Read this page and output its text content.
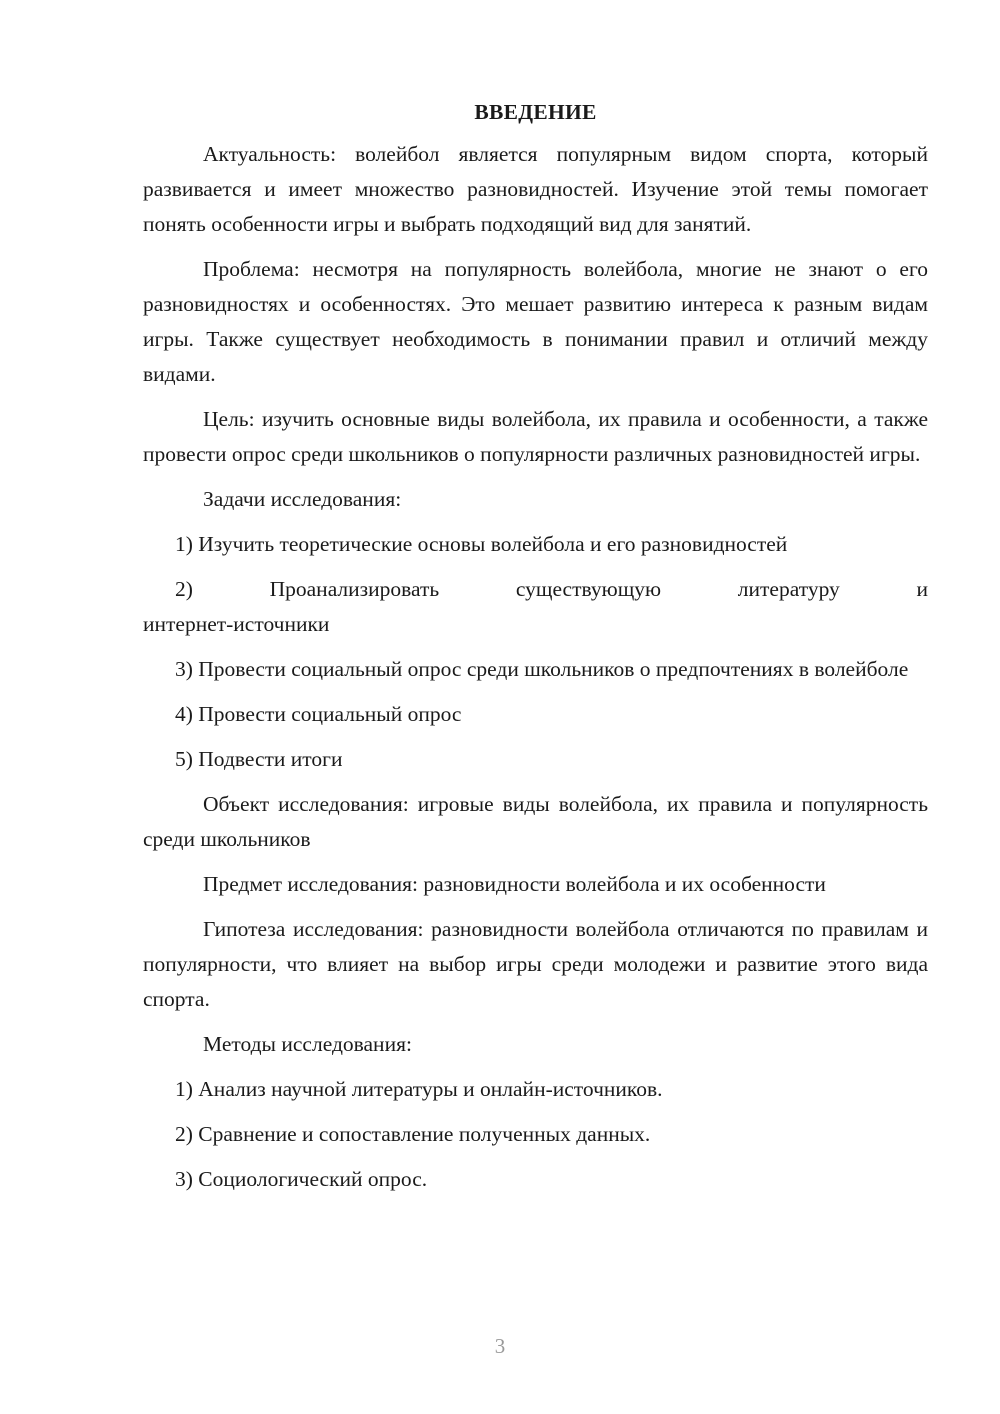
ВВЕДЕНИЕ

Актуальность: волейбол является популярным видом спорта, который развивается и имеет множество разновидностей. Изучение этой темы помогает понять особенности игры и выбрать подходящий вид для занятий.

Проблема: несмотря на популярность волейбола, многие не знают о его разновидностях и особенностях. Это мешает развитию интереса к разным видам игры. Также существует необходимость в понимании правил и отличий между видами.

Цель: изучить основные виды волейбола, их правила и особенности, а также провести опрос среди школьников о популярности различных разновидностей игры.

Задачи исследования:

1) Изучить теоретические основы волейбола и его разновидностей

2) Проанализировать существующую литературу и
интернет-источники

3) Провести социальный опрос среди школьников о предпочтениях в волейболе

4) Провести социальный опрос

5) Подвести итоги

Объект исследования: игровые виды волейбола, их правила и популярность среди школьников

Предмет исследования: разновидности волейбола и их особенности

Гипотеза исследования: разновидности волейбола отличаются по правилам и популярности, что влияет на выбор игры среди молодежи и развитие этого вида спорта.

Методы исследования:

1) Анализ научной литературы и онлайн-источников.

2) Сравнение и сопоставление полученных данных.

3) Социологический опрос.

3
